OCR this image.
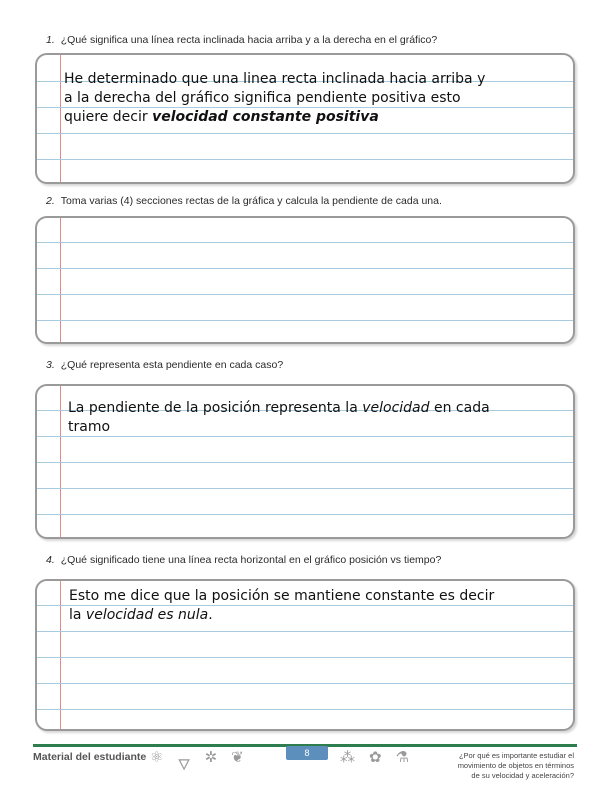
1. ¿Qué significa una línea recta inclinada hacia arriba y a la derecha en el gráfico?
He determinado que una linea recta inclinada hacia arriba y
a la derecha del gráfico significa pendiente positiva esto
quiere decir velocidad constante positiva
2. Toma varias (4) secciones rectas de la gráfica y calcula la pendiente de cada una.
3. ¿Qué representa esta pendiente en cada caso?
La pendiente de la posición representa la velocidad en cada
tramo
4. ¿Qué significado tiene una línea recta horizontal en el gráfico posición vs tiempo?
Esto me dice que la posición se mantiene constante es decir
la velocidad es nula.
Material del estudiante ⚛ 🜄 ✲ ❦	8	⁂ ✿ ⚗	¿Por qué es importante estudiar el
movimiento de objetos en términos
de su velocidad y aceleración?
